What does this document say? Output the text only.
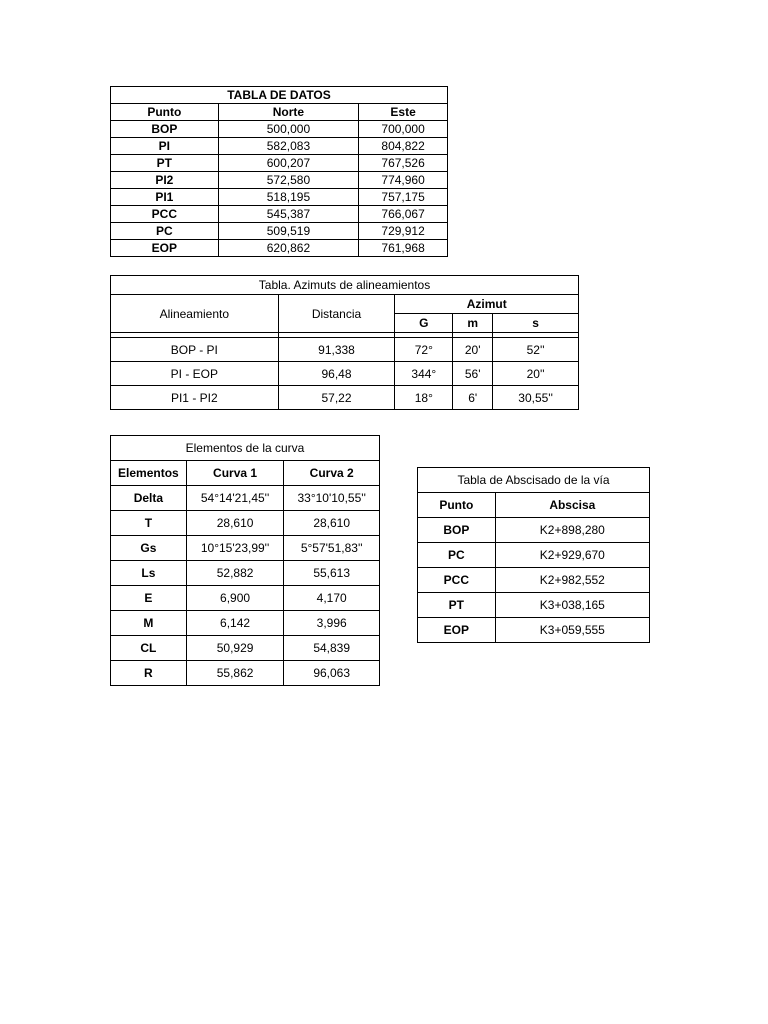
TABLA DE DATOS		
Punto	Norte	Este
BOP	500,000	700,000
PI	582,083	804,822
PT	600,207	767,526
PI2	572,580	774,960
PI1	518,195	757,175
PCC	545,387	766,067
PC	509,519	729,912
EOP	620,862	761,968
Tabla. Azimuts de alineamientos				
Alineamiento	Distancia	Azimut		
		G	m	s

BOP - PI	91,338	72°	20'	52''
PI - EOP	96,48	344°	56'	20''
PI1 - PI2	57,22	18°	6'	30,55''
Elementos de la curva		
Elementos	Curva 1	Curva 2
Delta	54°14'21,45''	33°10'10,55''
T	28,610	28,610
Gs	10°15'23,99''	5°57'51,83''
Ls	52,882	55,613
E	6,900	4,170
M	6,142	3,996
CL	50,929	54,839
R	55,862	96,063
Tabla de Abscisado de la vía	
Punto	Abscisa
BOP	K2+898,280
PC	K2+929,670
PCC	K2+982,552
PT	K3+038,165
EOP	K3+059,555
